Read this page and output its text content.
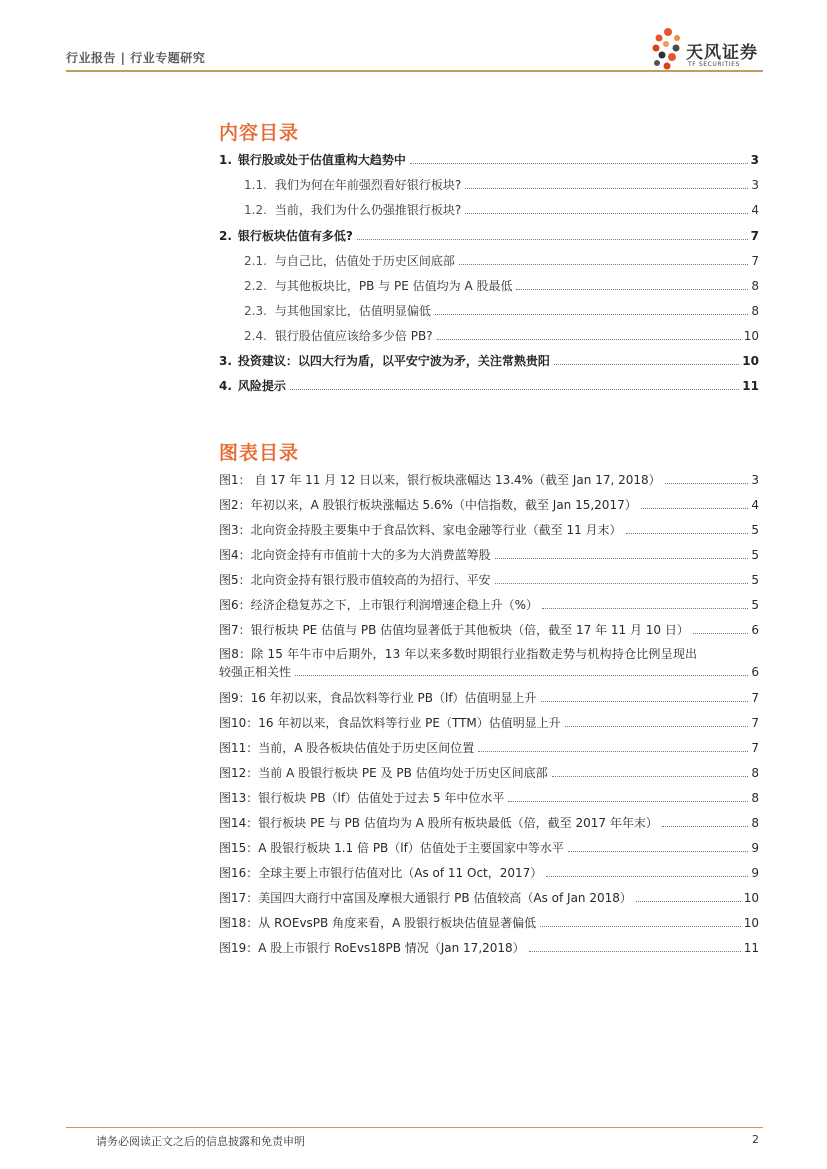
行业报告 | 行业专题研究	天风证券
TF SECURITIES
内容目录
1. 银行股或处于估值重构大趋势中	3
1.1. 我们为何在年前强烈看好银行板块?	3
1.2. 当前，我们为什么仍强推银行板块?	4
2. 银行板块估值有多低?	7
2.1. 与自己比，估值处于历史区间底部	7
2.2. 与其他板块比，PB 与 PE 估值均为 A 股最低	8
2.3. 与其他国家比，估值明显偏低	8
2.4. 银行股估值应该给多少倍 PB?	10
3. 投资建议：以四大行为盾，以平安宁波为矛，关注常熟贵阳	10
4. 风险提示	11
图表目录
图1： 自 17 年 11 月 12 日以来，银行板块涨幅达 13.4%（截至 Jan 17, 2018）	3
图2：年初以来，A 股银行板块涨幅达 5.6%（中信指数，截至 Jan 15,2017）	4
图3：北向资金持股主要集中于食品饮料、家电金融等行业（截至 11 月末）	5
图4：北向资金持有市值前十大的多为大消费蓝筹股	5
图5：北向资金持有银行股市值较高的为招行、平安	5
图6：经济企稳复苏之下，上市银行利润增速企稳上升（%）	5
图7：银行板块 PE 估值与 PB 估值均显著低于其他板块（倍，截至 17 年 11 月 10 日）	6
图8：除 15 年牛市中后期外，13 年以来多数时期银行业指数走势与机构持仓比例呈现出
较强正相关性	6
图9：16 年初以来，食品饮料等行业 PB（lf）估值明显上升	7
图10：16 年初以来，食品饮料等行业 PE（TTM）估值明显上升	7
图11：当前，A 股各板块估值处于历史区间位置	7
图12：当前 A 股银行板块 PE 及 PB 估值均处于历史区间底部	8
图13：银行板块 PB（lf）估值处于过去 5 年中位水平	8
图14：银行板块 PE 与 PB 估值均为 A 股所有板块最低（倍，截至 2017 年年末）	8
图15：A 股银行板块 1.1 倍 PB（lf）估值处于主要国家中等水平	9
图16：全球主要上市银行估值对比（As of 11 Oct，2017）	9
图17：美国四大商行中富国及摩根大通银行 PB 估值较高（As of Jan 2018）	10
图18：从 ROEvsPB 角度来看，A 股银行板块估值显著偏低	10
图19：A 股上市银行 RoEvs18PB 情况（Jan 17,2018）	11
请务必阅读正文之后的信息披露和免责申明	2
